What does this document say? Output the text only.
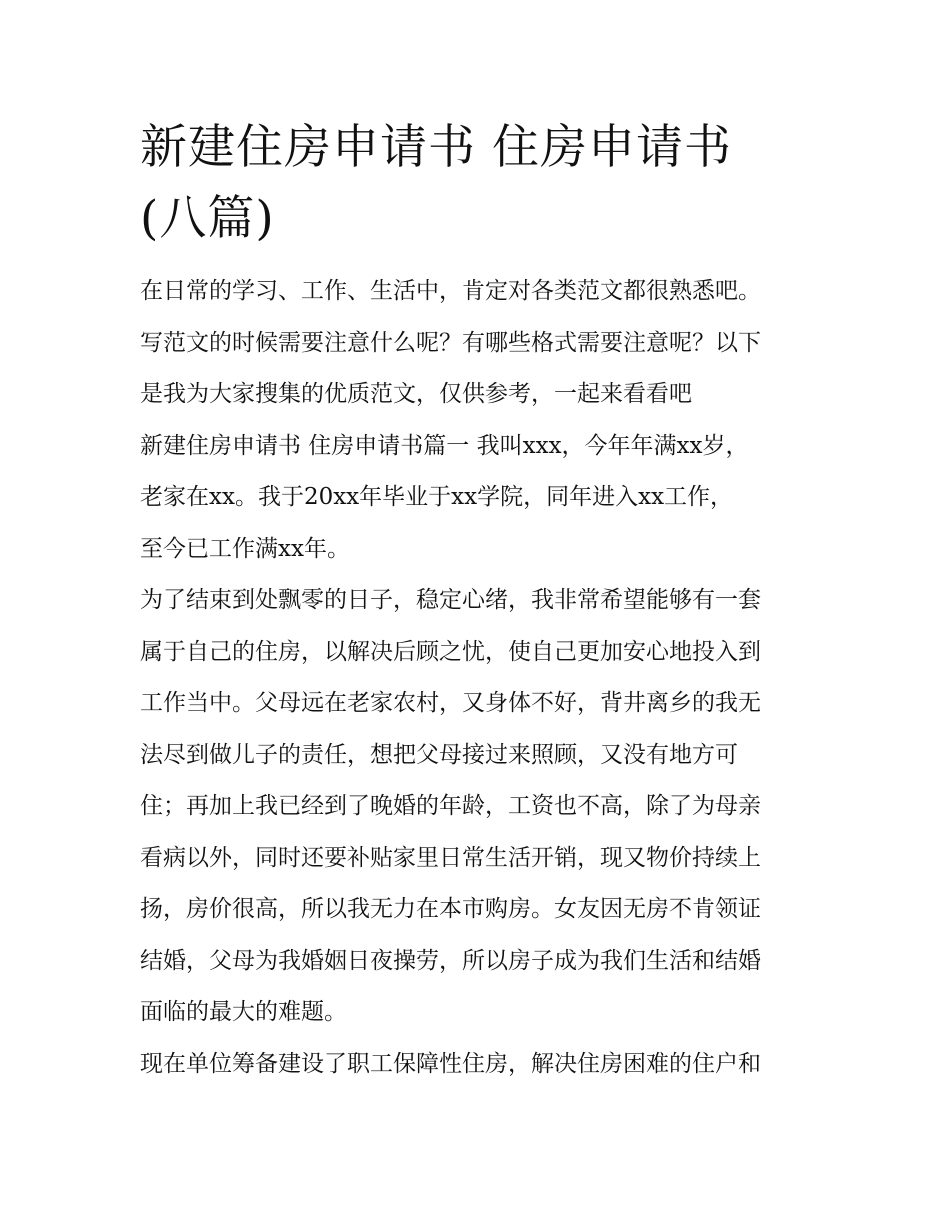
新建住房申请书 住房申请书
(八篇)
在日常的学习、工作、生活中，肯定对各类范文都很熟悉吧。
写范文的时候需要注意什么呢？有哪些格式需要注意呢？以下
是我为大家搜集的优质范文，仅供参考，一起来看看吧
新建住房申请书 住房申请书篇一 我叫xxx，今年年满xx岁，
老家在xx。我于20xx年毕业于xx学院，同年进入xx工作，
至今已工作满xx年。
为了结束到处飘零的日子，稳定心绪，我非常希望能够有一套
属于自己的住房，以解决后顾之忧，使自己更加安心地投入到
工作当中。父母远在老家农村，又身体不好，背井离乡的我无
法尽到做儿子的责任，想把父母接过来照顾，又没有地方可
住；再加上我已经到了晚婚的年龄，工资也不高，除了为母亲
看病以外，同时还要补贴家里日常生活开销，现又物价持续上
扬，房价很高，所以我无力在本市购房。女友因无房不肯领证
结婚，父母为我婚姻日夜操劳，所以房子成为我们生活和结婚
面临的最大的难题。
现在单位筹备建设了职工保障性住房，解决住房困难的住户和
